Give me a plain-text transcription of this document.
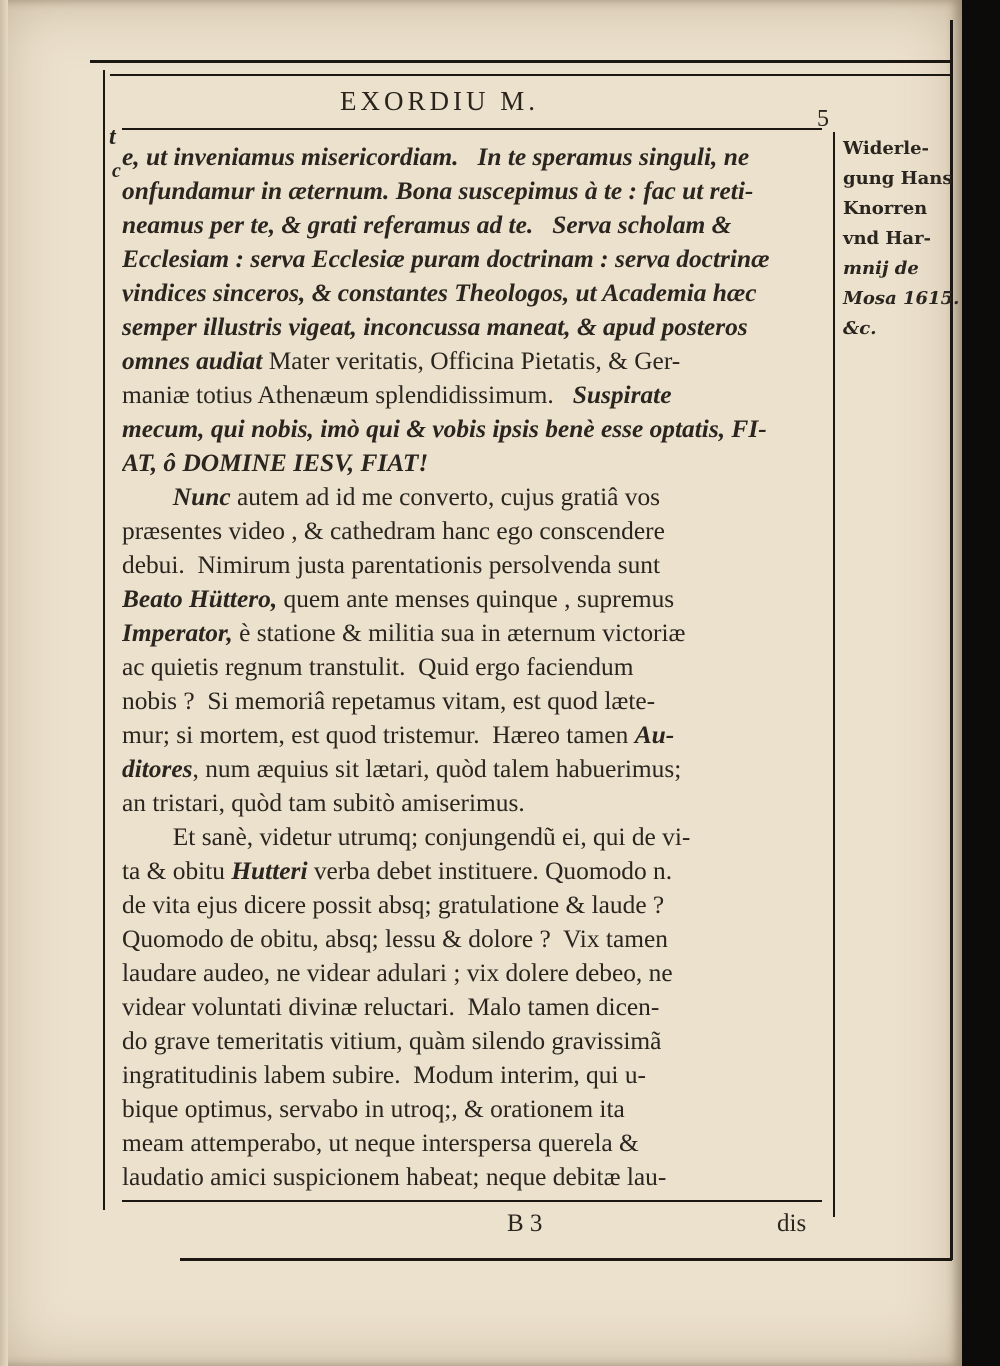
EXORDIU M.
5
t
c e, ut inveniamus misericordiam.   In te speramus singuli, ne
onfundamur in æternum. Bona suscepimus à te : fac ut reti-
neamus per te, & grati referamus ad te.   Serva scholam &
Ecclesiam : serva Ecclesiæ puram doctrinam : serva doctrinæ
vindices sinceros, & constantes Theologos, ut Academia hæc
semper illustris vigeat, inconcussa maneat, & apud posteros
omnes audiat Mater veritatis, Officina Pietatis, & Ger-
maniæ totius Athenæum splendidissimum.   Suspirate
mecum, qui nobis, imò qui & vobis ipsis benè esse optatis, FI-
AT, ô DOMINE IESV, FIAT!
Nunc autem ad id me converto, cujus gratiâ vos
præsentes video , & cathedram hanc ego conscendere
debui.  Nimirum justa parentationis persolvenda sunt
Beato Hüttero, quem ante menses quinque , supremus
Imperator, è statione & militia sua in æternum victoriæ
ac quietis regnum transtulit.  Quid ergo faciendum
nobis ?  Si memoriâ repetamus vitam, est quod læte-
mur; si mortem, est quod tristemur.  Hæreo tamen Au-
ditores, num æquius sit lætari, quòd talem habuerimus;
an tristari, quòd tam subitò amiserimus.
Et sanè, videtur utrumq; conjungendũ ei, qui de vi-
ta & obitu Hutteri verba debet instituere. Quomodo n.
de vita ejus dicere possit absq; gratulatione & laude ?
Quomodo de obitu, absq; lessu & dolore ?  Vix tamen
laudare audeo, ne videar adulari ; vix dolere debeo, ne
videar voluntati divinæ reluctari.  Malo tamen dicen-
do grave temeritatis vitium, quàm silendo gravissimã
ingratitudinis labem subire.  Modum interim, qui u-
bique optimus, servabo in utroq;, & orationem ita
meam attemperabo, ut neque interspersa querela &
laudatio amici suspicionem habeat; neque debitæ lau-
Widerle-
gung Hans
Knorren
vnd Har-
mnij de
Mosa 1615.
&c.
B 3	dis
